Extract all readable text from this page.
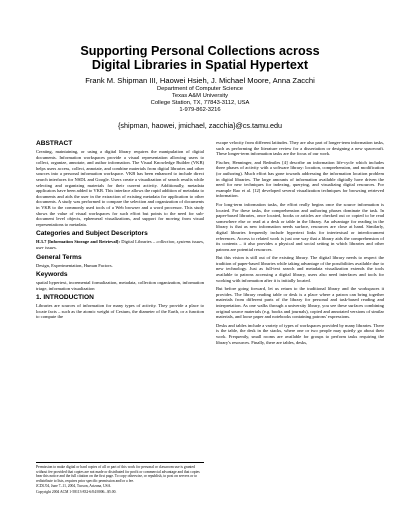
Supporting Personal Collections across
Digital Libraries in Spatial Hypertext
Frank M. Shipman III, Haowei Hsieh, J. Michael Moore, Anna Zacchi
Department of Computer Science
Texas A&M University
College Station, TX, 77843-3112, USA
1-979-862-3216
{shipman, haowei, jmichael, zacchia}@cs.tamu.edu
ABSTRACT

Creating, maintaining, or using a digital library requires the manipulation of digital documents. Information workspaces provide a visual representation allowing users to collect, organize, annotate, and author information. The Visual Knowledge Builder (VKB) helps users access, collect, annotate, and combine materials from digital libraries and other sources into a personal information workspace. VKB has been enhanced to include direct search interfaces for NSDL and Google. Users create a visualization of search results while selecting and organizing materials for their current activity. Additionally, metadata applicators have been added to VKB. This interface allows the rapid addition of metadata to documents and aids the user in the extraction of existing metadata for application to other documents. A study was performed to compare the selection and organization of documents in VKB to the commonly used tools of a Web browser and a word processor. This study shows the value of visual workspaces for such effort but points to the need for sub-document level objects, ephemeral visualizations, and support for moving from visual representations to metadata.

Categories and Subject Descriptors

H.3.7 [Information Storage and Retrieval]: Digital Libraries – collection, systems issues, user issues.

General Terms

Design, Experimentation, Human Factors.

Keywords

spatial hypertext, incremental formalization, metadata, collection organization, information triage, information visualization

1. INTRODUCTION

Libraries are sources of information for many types of activity. They provide a place to locate facts – such as the atomic weight of Cesium, the diameter of the Earth, or a function to compute the

Permission to make digital or hard copies of all or part of this work for personal or classroom use is granted without fee provided that copies are not made or distributed for profit or commercial advantage and that copies bear this notice and the full citation on the first page. To copy otherwise, or republish, to post on servers or to redistribute to lists, requires prior specific permission and/or a fee.

JCDL'04, June 7–11, 2004, Tucson, Arizona, USA.

Copyright 2004 ACM 1-58113-832-6/04/0006...$5.00.

escape velocity from different latitudes. They are also part of longer-term information tasks, such as performing the literature review for a dissertation or designing a new spacecraft. These longer-term information tasks are the focus of our work.

Fischer, Henninger, and Redmiles [4] describe an information life-cycle which includes three phases of activity with a software library: location, comprehension, and modification (or authoring). Much effort has gone towards addressing the information location problem in digital libraries. The large amounts of information available digitally have driven the need for new techniques for indexing, querying, and visualizing digital resources. For example Rao et al. [12] developed several visualization techniques for browsing retrieved information.

For long-term information tasks, the effort really begins once the source information is located. For these tasks, the comprehension and authoring phases dominate the task. In paper-based libraries, once located, books or articles are checked out or copied to be read somewhere else or read at a desk or table in the library. An advantage for reading in the library is that as new information needs surface, resources are close at hand. Similarly, digital libraries frequently include hypertext links for intertextual or interdocument references. Access to related work is just one way that a library aids the comprehension of its contents – it also provides a physical and social setting in which libraries and other patrons are potential resources.

But this vision is still out of the existing library. The digital library needs to respect the tradition of paper-based libraries while taking advantage of the possibilities available due to new technology. Just as full-text search and metadata visualization extends the tools available to patrons accessing a digital library, users also need interfaces and tools for working with information after it is initially located.

But before going forward, let us return to the traditional library and the workspaces it provides. The library reading table or desk is a place where a patron can bring together materials from different parts of the library for personal and task-based reading and interpretation. As one walks through a university library, you see these surfaces combining original source materials (e.g. books and journals), copied and annotated versions of similar materials, and loose paper and notebooks containing patrons' expressions.

Desks and tables include a variety of types of workspaces provided by many libraries. There is the table, the desk in the stacks, where one or two people may quietly go about their work. Frequently, small rooms are available for groups to perform tasks requiring the library's resources. Finally, there are tables, desks,
